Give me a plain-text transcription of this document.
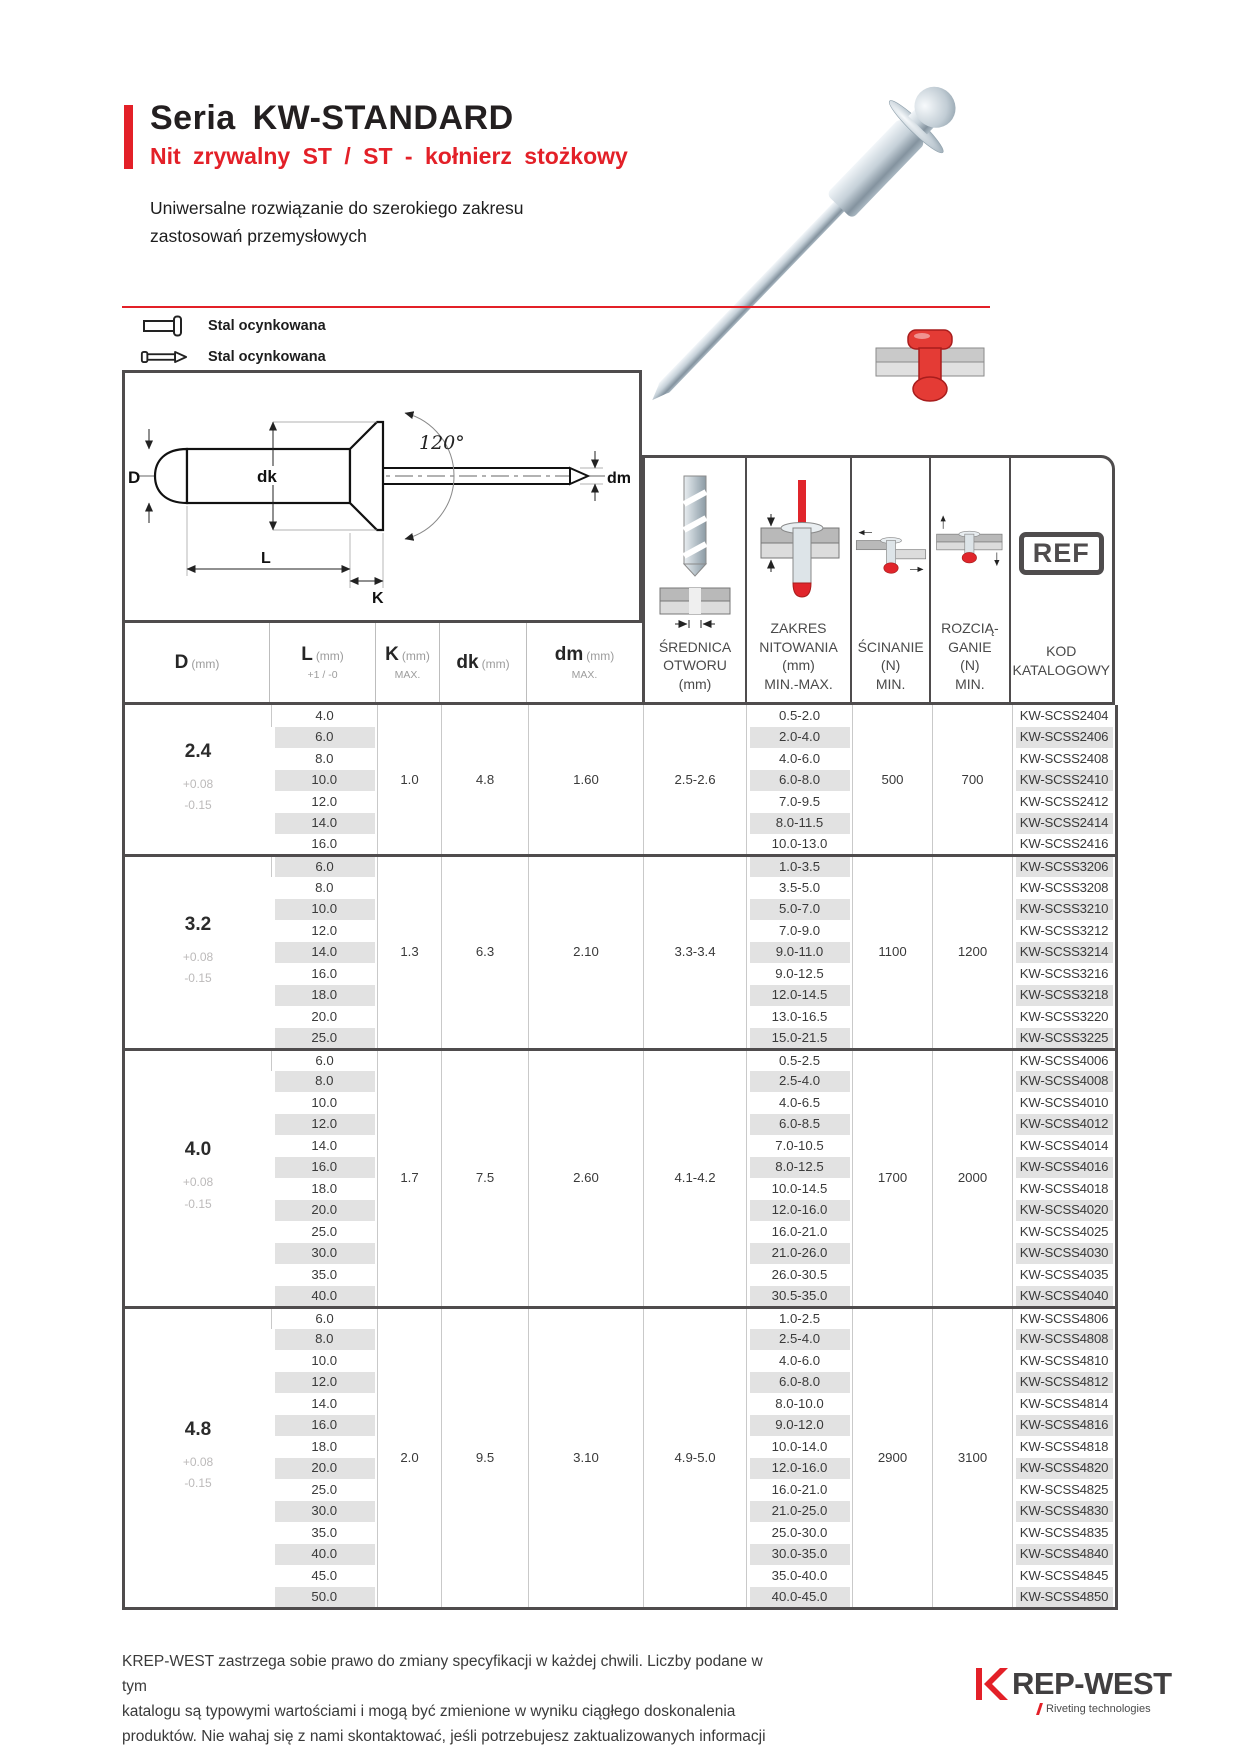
Seria KW-STANDARD
Nit zrywalny ST / ST - kołnierz stożkowy
Uniwersalne rozwiązanie do szerokiego zakresu
zastosowań przemysłowych
Stal ocynkowana
Stal ocynkowana
D	dk
120°
dm
L
K
D (mm)	L (mm)
+1 / -0
K (mm)
MAX.
dk (mm) dm (mm)
MAX.
ŚREDNICA
OTWORU
(mm)
ZAKRES
NITOWANIA
(mm)
MIN.-MAX.
ŚCINANIE
(N)
MIN.
ROZCIĄ-
GANIE
(N)
MIN.
REF
KOD
KATALOGOWY
2.4
+0.08
-0.15	4.0	1.0	4.8	1.60	2.5-2.6	0.5-2.0	500	700	KW-SCSS2404
	6.0					2.0-4.0			KW-SCSS2406
	8.0					4.0-6.0			KW-SCSS2408
	10.0					6.0-8.0			KW-SCSS2410
	12.0					7.0-9.5			KW-SCSS2412
	14.0					8.0-11.5			KW-SCSS2414
	16.0					10.0-13.0			KW-SCSS2416

3.2
+0.08
-0.15	6.0	1.3	6.3	2.10	3.3-3.4	1.0-3.5	1100	1200	KW-SCSS3206
	8.0					3.5-5.0			KW-SCSS3208
	10.0					5.0-7.0			KW-SCSS3210
	12.0					7.0-9.0			KW-SCSS3212
	14.0					9.0-11.0			KW-SCSS3214
	16.0					9.0-12.5			KW-SCSS3216
	18.0					12.0-14.5			KW-SCSS3218
	20.0					13.0-16.5			KW-SCSS3220
	25.0					15.0-21.5			KW-SCSS3225

4.0
+0.08
-0.15	6.0	1.7	7.5	2.60	4.1-4.2	0.5-2.5	1700	2000	KW-SCSS4006
	8.0					2.5-4.0			KW-SCSS4008
	10.0					4.0-6.5			KW-SCSS4010
	12.0					6.0-8.5			KW-SCSS4012
	14.0					7.0-10.5			KW-SCSS4014
	16.0					8.0-12.5			KW-SCSS4016
	18.0					10.0-14.5			KW-SCSS4018
	20.0					12.0-16.0			KW-SCSS4020
	25.0					16.0-21.0			KW-SCSS4025
	30.0					21.0-26.0			KW-SCSS4030
	35.0					26.0-30.5			KW-SCSS4035
	40.0					30.5-35.0			KW-SCSS4040

4.8
+0.08
-0.15	6.0	2.0	9.5	3.10	4.9-5.0	1.0-2.5	2900	3100	KW-SCSS4806
	8.0					2.5-4.0			KW-SCSS4808
	10.0					4.0-6.0			KW-SCSS4810
	12.0					6.0-8.0			KW-SCSS4812
	14.0					8.0-10.0			KW-SCSS4814
	16.0					9.0-12.0			KW-SCSS4816
	18.0					10.0-14.0			KW-SCSS4818
	20.0					12.0-16.0			KW-SCSS4820
	25.0					16.0-21.0			KW-SCSS4825
	30.0					21.0-25.0			KW-SCSS4830
	35.0					25.0-30.0			KW-SCSS4835
	40.0					30.0-35.0			KW-SCSS4840
	45.0					35.0-40.0			KW-SCSS4845
	50.0					40.0-45.0			KW-SCSS4850
KREP-WEST zastrzega sobie prawo do zmiany specyfikacji w każdej chwili. Liczby podane w tym
katalogu są typowymi wartościami i mogą być zmienione w wyniku ciągłego doskonalenia
produktów. Nie wahaj się z nami skontaktować, jeśli potrzebujesz zaktualizowanych informacji
REP-WEST
Riveting technologies
